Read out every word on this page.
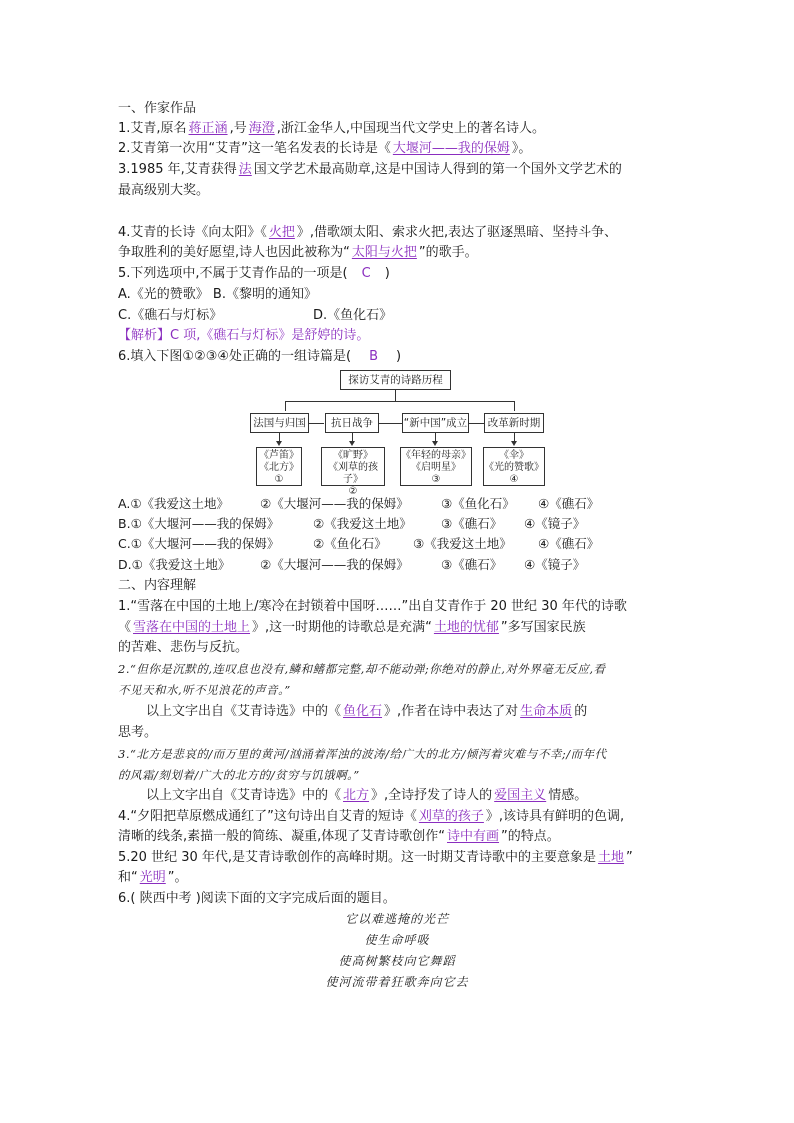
一、作家作品
1.艾青,原名 蒋正涵 ,号 海澄 ,浙江金华人,中国现当代文学史上的著名诗人。
2.艾青第一次用“艾青”这一笔名发表的长诗是《 大堰河——我的保姆 》。
3.1985 年,艾青获得 法 国文学艺术最高勋章,这是中国诗人得到的第一个国外文学艺术的
最高级别大奖。
4.艾青的长诗《向太阳》《 火把 》,借歌颂太阳、索求火把,表达了驱逐黑暗、坚持斗争、
争取胜利的美好愿望,诗人也因此被称为“ 太阳与火把 ”的歌手。
5.下列选项中,不属于艾青作品的一项是( C )
A.《光的赞歌》 B.《黎明的通知》
C.《礁石与灯标》	D.《鱼化石》
【解析】C 项,《礁石与灯标》是舒婷的诗。
6.填入下图①②③④处正确的一组诗篇是( B )
探访艾青的诗路历程
法国与归国	抗日战争	“新中国”成立	改革新时期
《芦笛》
《北方》
①
《旷野》
《刈草的孩子》
②
《年轻的母亲》
《启明星》
③
《伞》
《光的赞歌》
④
A.①《我爱这土地》 ②《大堰河——我的保姆》	③《鱼化石》 ④《礁石》
B.①《大堰河——我的保姆》	②《我爱这土地》 ③《礁石》 ④《镜子》
C.①《大堰河——我的保姆》	②《鱼化石》 ③《我爱这土地》 ④《礁石》
D.①《我爱这土地》 ②《大堰河——我的保姆》	③《礁石》 ④《镜子》
二、内容理解
1.“雪落在中国的土地上/寒冷在封锁着中国呀……”出自艾青作于 20 世纪 30 年代的诗歌
《 雪落在中国的土地上 》,这一时期他的诗歌总是充满“ 土地的忧郁 ”多写国家民族
的苦难、悲伤与反抗。
2.“但你是沉默的,连叹息也没有,鳞和鳍都完整,却不能动弹;你绝对的静止,对外界毫无反应,看
不见天和水,听不见浪花的声音。”
以上文字出自《艾青诗选》中的《 鱼化石 》,作者在诗中表达了对 生命本质 的
思考。
3.“北方是悲哀的/而万里的黄河/汹涌着浑浊的波涛/给广大的北方/倾泻着灾难与不幸;/而年代
的风霜/刻划着/广大的北方的/贫穷与饥饿啊。”
以上文字出自《艾青诗选》中的《 北方 》,全诗抒发了诗人的 爱国主义 情感。
4.“夕阳把草原燃成通红了”这句诗出自艾青的短诗《 刈草的孩子 》,该诗具有鲜明的色调,
清晰的线条,素描一般的简练、凝重,体现了艾青诗歌创作“ 诗中有画 ”的特点。
5.20 世纪 30 年代,是艾青诗歌创作的高峰时期。这一时期艾青诗歌中的主要意象是 土地 ”
和“ 光明 ”。
6.( 陕西中考 )阅读下面的文字完成后面的题目。
它以难逃掩的光芒
使生命呼吸
使高树繁枝向它舞蹈
使河流带着狂歌奔向它去
